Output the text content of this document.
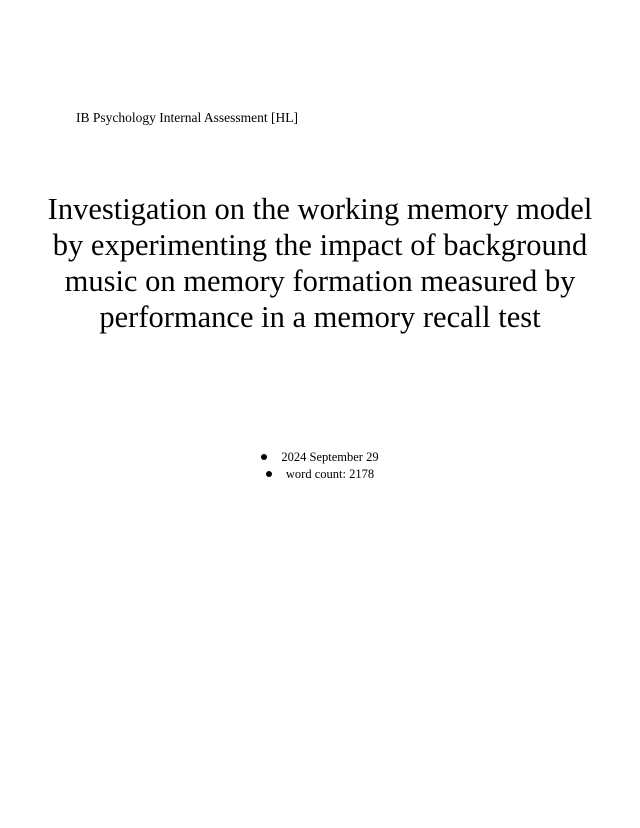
IB Psychology Internal Assessment [HL]
Investigation on the working memory model by experimenting the impact of background music on memory formation measured by performance in a memory recall test
2024 September 29
word count: 2178
